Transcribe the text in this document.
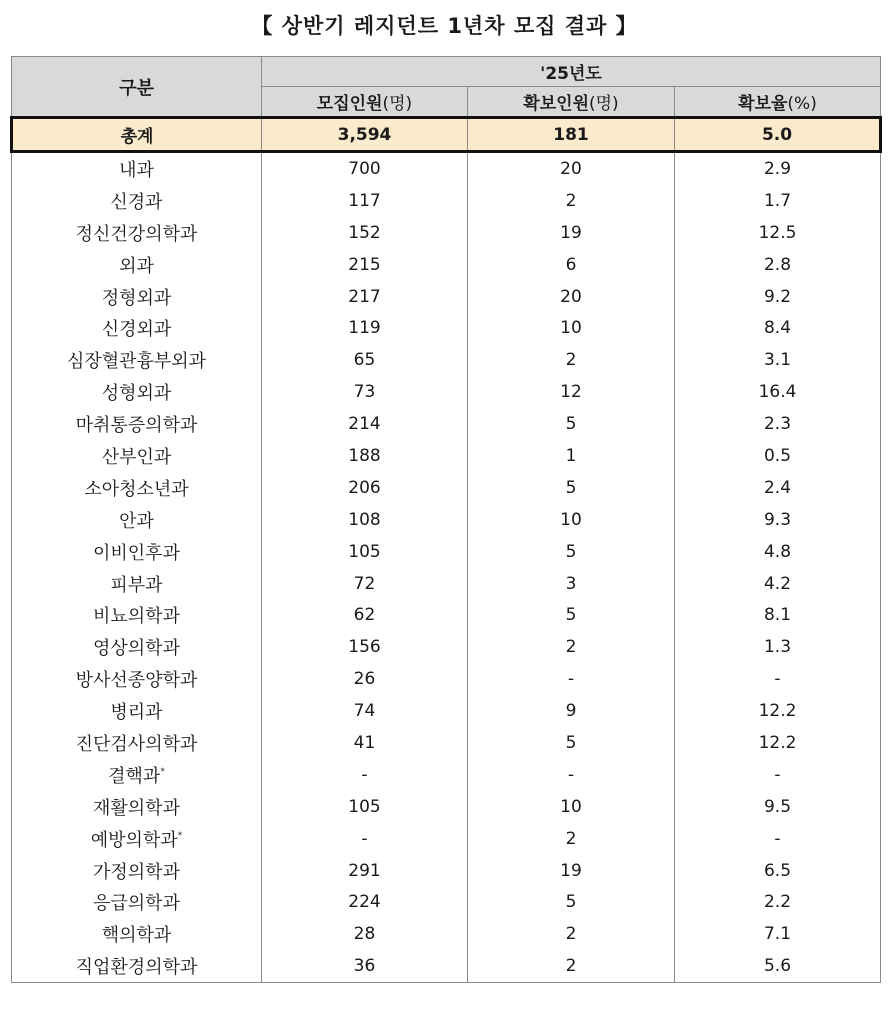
【 상반기 레지던트 1년차 모집 결과 】
구분	'25년도		
	모집인원(명)	확보인원(명)	확보율(%)
총계	3,594	181	5.0
내과	700	20	2.9
신경과	117	2	1.7
정신건강의학과	152	19	12.5
외과	215	6	2.8
정형외과	217	20	9.2
신경외과	119	10	8.4
심장혈관흉부외과	65	2	3.1
성형외과	73	12	16.4
마취통증의학과	214	5	2.3
산부인과	188	1	0.5
소아청소년과	206	5	2.4
안과	108	10	9.3
이비인후과	105	5	4.8
피부과	72	3	4.2
비뇨의학과	62	5	8.1
영상의학과	156	2	1.3
방사선종양학과	26	-	-
병리과	74	9	12.2
진단검사의학과	41	5	12.2
결핵과*	-	-	-
재활의학과	105	10	9.5
예방의학과*	-	2	-
가정의학과	291	19	6.5
응급의학과	224	5	2.2
핵의학과	28	2	7.1
직업환경의학과	36	2	5.6
